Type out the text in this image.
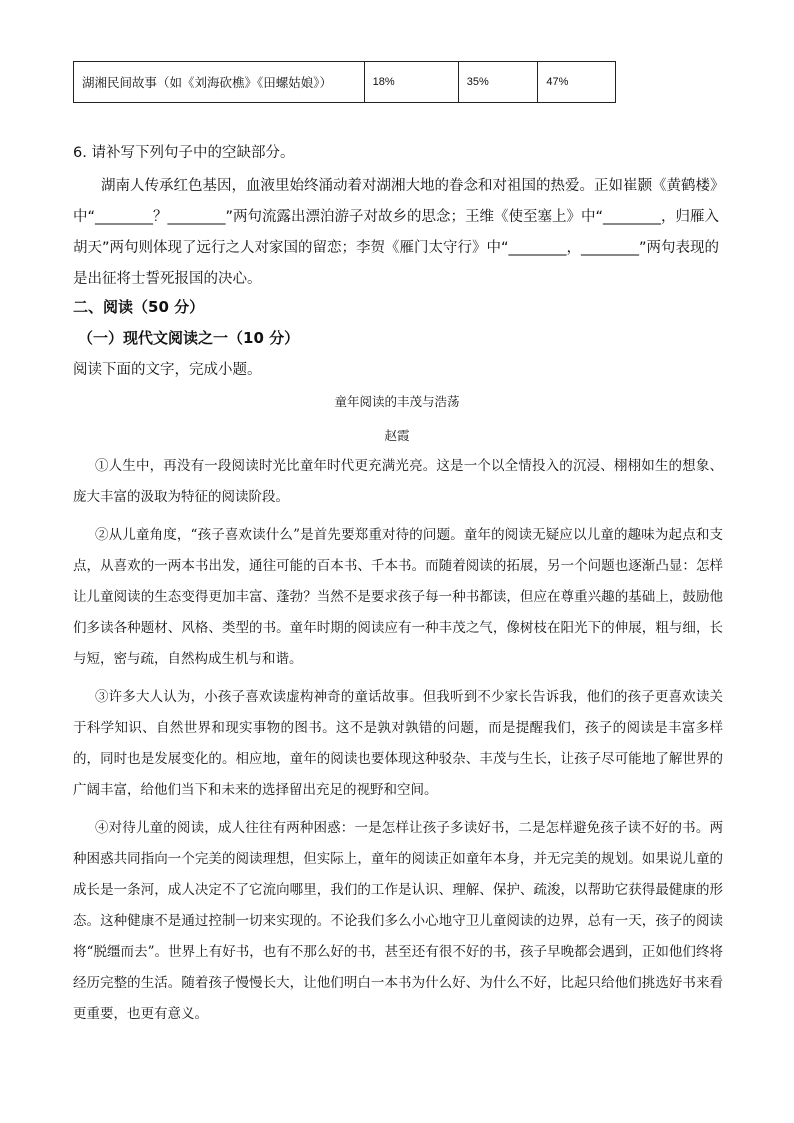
湖湘民间故事（如《刘海砍樵》《田螺姑娘》）	18%	35%	47%

6. 请补写下列句子中的空缺部分。

湖南人传承红色基因，血液里始终涌动着对湖湘大地的眷念和对祖国的热爱。正如崔颢《黄鹤楼》中“________？________”两句流露出漂泊游子对故乡的思念；王维《使至塞上》中“________，归雁入胡天”两句则体现了远行之人对家国的留恋；李贺《雁门太守行》中“________，________”两句表现的是出征将士誓死报国的决心。

二、阅读（50 分）
（一）现代文阅读之一（10 分）
阅读下面的文字，完成小题。
童年阅读的丰茂与浩荡
赵霞

①人生中，再没有一段阅读时光比童年时代更充满光亮。这是一个以全情投入的沉浸、栩栩如生的想象、庞大丰富的汲取为特征的阅读阶段。

②从儿童角度，“孩子喜欢读什么”是首先要郑重对待的问题。童年的阅读无疑应以儿童的趣味为起点和支点，从喜欢的一两本书出发，通往可能的百本书、千本书。而随着阅读的拓展，另一个问题也逐渐凸显：怎样让儿童阅读的生态变得更加丰富、蓬勃？当然不是要求孩子每一种书都读，但应在尊重兴趣的基础上，鼓励他们多读各种题材、风格、类型的书。童年时期的阅读应有一种丰茂之气，像树枝在阳光下的伸展，粗与细，长与短，密与疏，自然构成生机与和谐。

③许多大人认为，小孩子喜欢读虚构神奇的童话故事。但我听到不少家长告诉我，他们的孩子更喜欢读关于科学知识、自然世界和现实事物的图书。这不是孰对孰错的问题，而是提醒我们，孩子的阅读是丰富多样的，同时也是发展变化的。相应地，童年的阅读也要体现这种驳杂、丰茂与生长，让孩子尽可能地了解世界的广阔丰富，给他们当下和未来的选择留出充足的视野和空间。

④对待儿童的阅读，成人往往有两种困惑：一是怎样让孩子多读好书，二是怎样避免孩子读不好的书。两种困惑共同指向一个完美的阅读理想，但实际上，童年的阅读正如童年本身，并无完美的规划。如果说儿童的成长是一条河，成人决定不了它流向哪里，我们的工作是认识、理解、保护、疏浚，以帮助它获得最健康的形态。这种健康不是通过控制一切来实现的。不论我们多么小心地守卫儿童阅读的边界，总有一天，孩子的阅读将“脱缰而去”。世界上有好书，也有不那么好的书，甚至还有很不好的书，孩子早晚都会遇到，正如他们终将经历完整的生活。随着孩子慢慢长大，让他们明白一本书为什么好、为什么不好，比起只给他们挑选好书来看更重要，也更有意义。
